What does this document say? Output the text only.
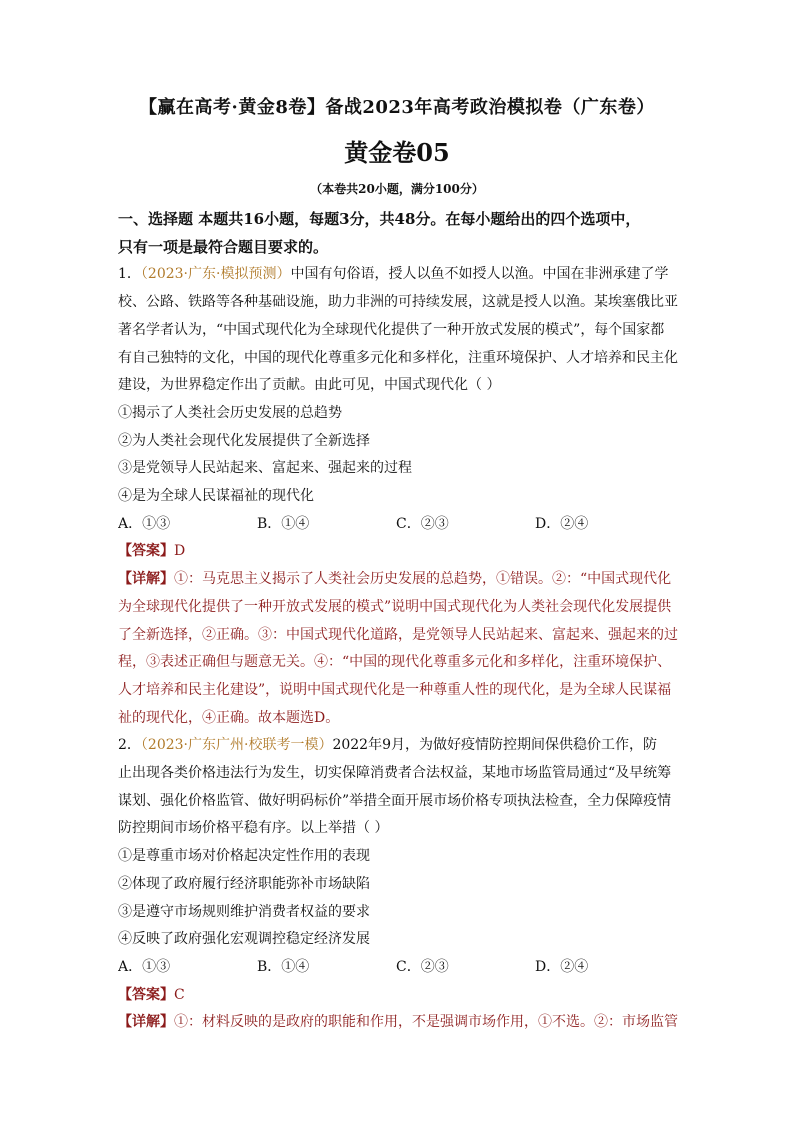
【赢在高考·黄金8卷】备战2023年高考政治模拟卷（广东卷）
黄金卷05
（本卷共20小题，满分100分）
一、选择题 本题共16小题，每题3分，共48分。在每小题给出的四个选项中，
只有一项是最符合题目要求的。
1．（2023·广东·模拟预测）中国有句俗语，授人以鱼不如授人以渔。中国在非洲承建了学
校、公路、铁路等各种基础设施，助力非洲的可持续发展，这就是授人以渔。某埃塞俄比亚
著名学者认为，“中国式现代化为全球现代化提供了一种开放式发展的模式”，每个国家都
有自己独特的文化，中国的现代化尊重多元化和多样化，注重环境保护、人才培养和民主化
建设，为世界稳定作出了贡献。由此可见，中国式现代化（ ）
①揭示了人类社会历史发展的总趋势
②为人类社会现代化发展提供了全新选择
③是党领导人民站起来、富起来、强起来的过程
④是为全球人民谋福祉的现代化
A．①③	B．①④	C．②③	D．②④
【答案】D
【详解】①：马克思主义揭示了人类社会历史发展的总趋势，①错误。②：“中国式现代化
为全球现代化提供了一种开放式发展的模式”说明中国式现代化为人类社会现代化发展提供
了全新选择，②正确。③：中国式现代化道路，是党领导人民站起来、富起来、强起来的过
程，③表述正确但与题意无关。④：“中国的现代化尊重多元化和多样化，注重环境保护、
人才培养和民主化建设”，说明中国式现代化是一种尊重人性的现代化，是为全球人民谋福
祉的现代化，④正确。故本题选D。
2．（2023·广东广州·校联考一模）2022年9月，为做好疫情防控期间保供稳价工作，防
止出现各类价格违法行为发生，切实保障消费者合法权益，某地市场监管局通过“及早统筹
谋划、强化价格监管、做好明码标价”举措全面开展市场价格专项执法检查，全力保障疫情
防控期间市场价格平稳有序。以上举措（ ）
①是尊重市场对价格起决定性作用的表现
②体现了政府履行经济职能弥补市场缺陷
③是遵守市场规则维护消费者权益的要求
④反映了政府强化宏观调控稳定经济发展
A．①③	B．①④	C．②③	D．②④
【答案】C
【详解】①：材料反映的是政府的职能和作用，不是强调市场作用，①不选。②：市场监管
